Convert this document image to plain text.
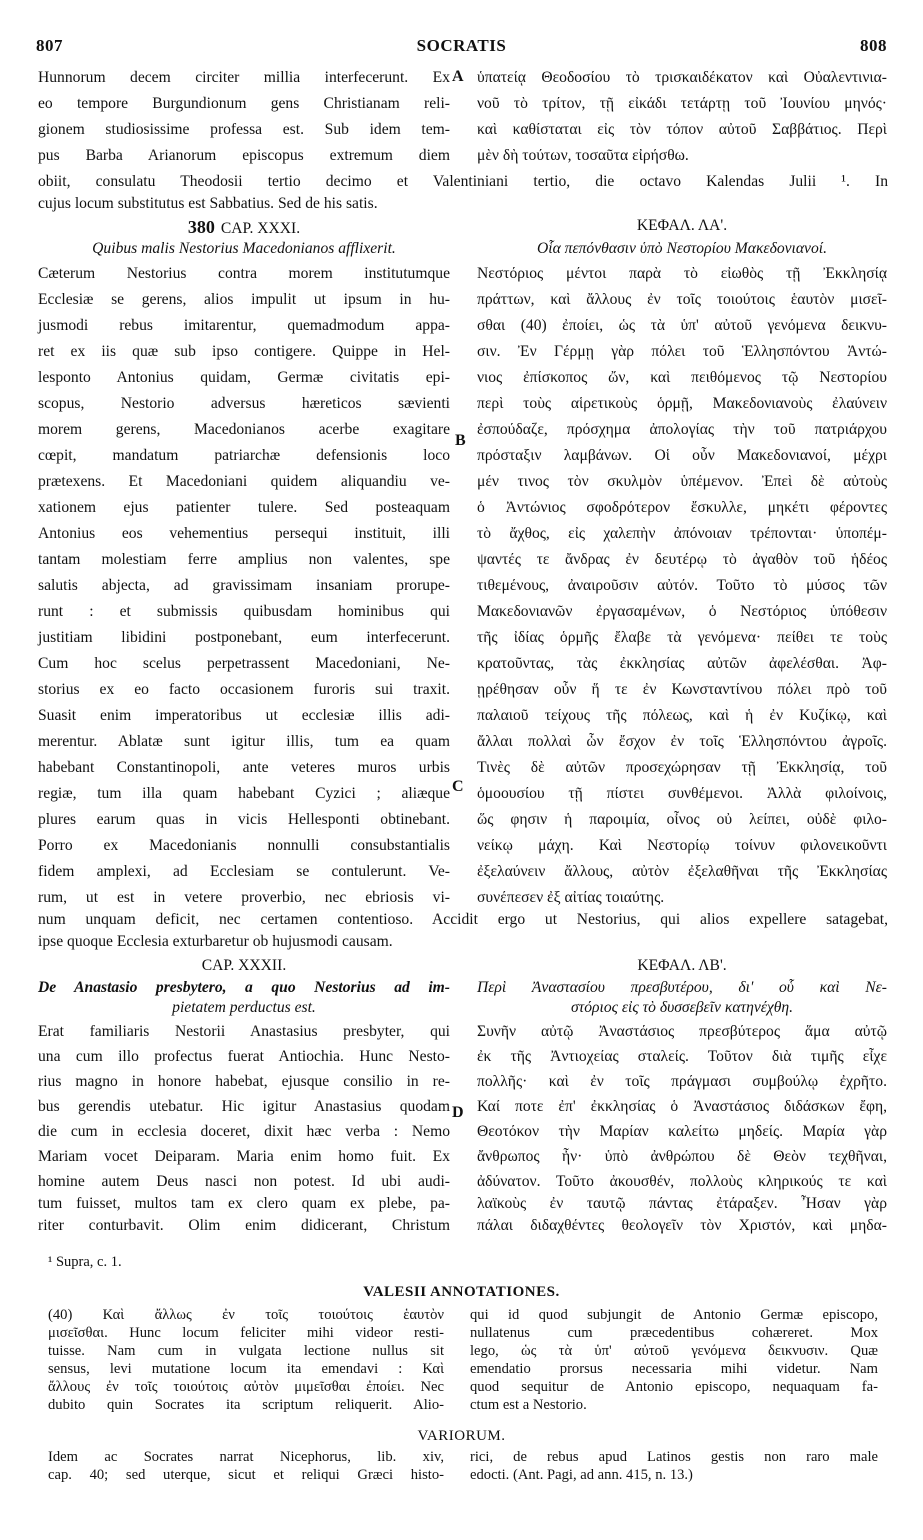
SOCRATIS
807	808
A
B
C
D
Hunnorum decem circiter millia interfecerunt. Ex
eo tempore Burgundionum gens Christianam reli-
gionem studiosissime professa est. Sub idem tem-
pus Barba Arianorum episcopus extremum diem
ὑπατείᾳ Θεοδοσίου τὸ τρισκαιδέκατον καὶ Οὐαλεντινια-
νοῦ τὸ τρίτον, τῇ εἰκάδι τετάρτῃ τοῦ Ἰουνίου μηνός·
καὶ καθίσταται εἰς τὸν τόπον αὐτοῦ Σαββάτιος. Περὶ
μὲν δὴ τούτων, τοσαῦτα εἰρήσθω.
obiit, consulatu Theodosii tertio decimo et Valentiniani tertio, die octavo Kalendas Julii ¹. In
cujus locum substitutus est Sabbatius. Sed de his satis.
380 CAP. XXXI.
Quibus malis Nestorius Macedonianos afflixerit.
ΚΕΦΑΛ. ΛΑ'.
Οἷα πεπόνθασιν ὑπὸ Νεστορίου Μακεδονιανοί.
Cæterum Nestorius contra morem institutumque
Ecclesiæ se gerens, alios impulit ut ipsum in hu-
jusmodi rebus imitarentur, quemadmodum appa-
ret ex iis quæ sub ipso contigere. Quippe in Hel-
lesponto Antonius quidam, Germæ civitatis epi-
scopus, Nestorio adversus hæreticos sævienti
morem gerens, Macedonianos acerbe exagitare
cœpit, mandatum patriarchæ defensionis loco
prætexens. Et Macedoniani quidem aliquandiu ve-
xationem ejus patienter tulere. Sed posteaquam
Antonius eos vehementius persequi instituit, illi
tantam molestiam ferre amplius non valentes, spe
salutis abjecta, ad gravissimam insaniam prorupe-
runt : et submissis quibusdam hominibus qui
justitiam libidini postponebant, eum interfecerunt.
Cum hoc scelus perpetrassent Macedoniani, Ne-
storius ex eo facto occasionem furoris sui traxit.
Suasit enim imperatoribus ut ecclesiæ illis adi-
merentur. Ablatæ sunt igitur illis, tum ea quam
habebant Constantinopoli, ante veteres muros urbis
regiæ, tum illa quam habebant Cyzici ; aliæque
plures earum quas in vicis Hellesponti obtinebant.
Porro ex Macedonianis nonnulli consubstantialis
fidem amplexi, ad Ecclesiam se contulerunt. Ve-
rum, ut est in vetere proverbio, nec ebriosis vi-
Νεστόριος μέντοι παρὰ τὸ εἰωθὸς τῇ Ἐκκλησίᾳ
πράττων, καὶ ἄλλους ἐν τοῖς τοιούτοις ἑαυτὸν μισεῖ-
σθαι (40) ἐποίει, ὡς τὰ ὑπ' αὐτοῦ γενόμενα δεικνυ-
σιν. Ἐν Γέρμῃ γὰρ πόλει τοῦ Ἑλλησπόντου Ἀντώ-
νιος ἐπίσκοπος ὤν, καὶ πειθόμενος τῷ Νεστορίου
περὶ τοὺς αἱρετικοὺς ὁρμῇ, Μακεδονιανοὺς ἐλαύνειν
ἐσπούδαζε, πρόσχημα ἀπολογίας τὴν τοῦ πατριάρχου
πρόσταξιν λαμβάνων. Οἱ οὖν Μακεδονιανοί, μέχρι
μέν τινος τὸν σκυλμὸν ὑπέμενον. Ἐπεὶ δὲ αὐτοὺς
ὁ Ἀντώνιος σφοδρότερον ἔσκυλλε, μηκέτι φέροντες
τὸ ἄχθος, εἰς χαλεπὴν ἀπόνοιαν τρέπονται· ὑποπέμ-
ψαντές τε ἄνδρας ἐν δευτέρῳ τὸ ἀγαθὸν τοῦ ἡδέος
τιθεμένους, ἀναιροῦσιν αὐτόν. Τοῦτο τὸ μύσος τῶν
Μακεδονιανῶν ἐργασαμένων, ὁ Νεστόριος ὑπόθεσιν
τῆς ἰδίας ὁρμῆς ἔλαβε τὰ γενόμενα· πείθει τε τοὺς
κρατοῦντας, τὰς ἐκκλησίας αὐτῶν ἀφελέσθαι. Ἀφ-
ῃρέθησαν οὖν ἥ τε ἐν Κωνσταντίνου πόλει πρὸ τοῦ
παλαιοῦ τείχους τῆς πόλεως, καὶ ἡ ἐν Κυζίκῳ, καὶ
ἄλλαι πολλαὶ ὧν ἔσχον ἐν τοῖς Ἑλλησπόντου ἀγροῖς.
Τινὲς δὲ αὐτῶν προσεχώρησαν τῇ Ἐκκλησίᾳ, τοῦ
ὁμοουσίου τῇ πίστει συνθέμενοι. Ἀλλὰ φιλοίνοις,
ὥς φησιν ἡ παροιμία, οἶνος οὐ λείπει, οὐδὲ φιλο-
νείκῳ μάχη. Καὶ Νεστορίῳ τοίνυν φιλονεικοῦντι
ἐξελαύνειν ἄλλους, αὐτὸν ἐξελαθῆναι τῆς Ἐκκλησίας
συνέπεσεν ἐξ αἰτίας τοιαύτης.
num unquam deficit, nec certamen contentioso. Accidit ergo ut Nestorius, qui alios expellere satagebat,
ipse quoque Ecclesia exturbaretur ob hujusmodi causam.
CAP. XXXII.
De Anastasio presbytero, a quo Nestorius ad im-
pietatem perductus est.
ΚΕΦΑΛ. ΛΒ'.
Περὶ Ἀναστασίου πρεσβυτέρου, δι' οὗ καὶ Νε-
στόριος εἰς τὸ δυσσεβεῖν κατηνέχθη.
Erat familiaris Nestorii Anastasius presbyter, qui
una cum illo profectus fuerat Antiochia. Hunc Nesto-
rius magno in honore habebat, ejusque consilio in re-
bus gerendis utebatur. Hic igitur Anastasius quodam
die cum in ecclesia doceret, dixit hæc verba : Nemo
Mariam vocet Deiparam. Maria enim homo fuit. Ex
homine autem Deus nasci non potest. Id ubi audi-
tum fuisset, multos tam ex clero quam ex plebe, pa-
riter conturbavit. Olim enim didicerant, Christum
Συνῆν αὐτῷ Ἀναστάσιος πρεσβύτερος ἅμα αὐτῷ
ἐκ τῆς Ἀντιοχείας σταλείς. Τοῦτον διὰ τιμῆς εἶχε
πολλῆς· καὶ ἐν τοῖς πράγμασι συμβούλῳ ἐχρῆτο.
Καί ποτε ἐπ' ἐκκλησίας ὁ Ἀναστάσιος διδάσκων ἔφη,
Θεοτόκον τὴν Μαρίαν καλείτω μηδείς. Μαρία γὰρ
ἄνθρωπος ἦν· ὑπὸ ἀνθρώπου δὲ Θεὸν τεχθῆναι,
ἀδύνατον. Τοῦτο ἀκουσθέν, πολλοὺς κληρικούς τε καὶ
λαϊκοὺς ἐν ταυτῷ πάντας ἐτάραξεν. Ἦσαν γὰρ
πάλαι διδαχθέντες θεολογεῖν τὸν Χριστόν, καὶ μηδα-
¹ Supra, c. 1.
VALESII ANNOTATIONES.
(40) Καὶ ἄλλως ἐν τοῖς τοιούτοις ἑαυτὸν
μισεῖσθαι. Hunc locum feliciter mihi videor resti-
tuisse. Nam cum in vulgata lectione nullus sit
sensus, levi mutatione locum ita emendavi : Καὶ
ἄλλους ἐν τοῖς τοιούτοις αὐτὸν μιμεῖσθαι ἐποίει. Nec
dubito quin Socrates ita scriptum reliquerit. Alio-
qui id quod subjungit de Antonio Germæ episcopo,
nullatenus cum præcedentibus cohæreret. Mox
lego, ὡς τὰ ὑπ' αὐτοῦ γενόμενα δεικνυσιν. Quæ
emendatio prorsus necessaria mihi videtur. Nam
quod sequitur de Antonio episcopo, nequaquam fa-
ctum est a Nestorio.
VARIORUM.
Idem ac Socrates narrat Nicephorus, lib. xiv,
cap. 40; sed uterque, sicut et reliqui Græci histo-
rici, de rebus apud Latinos gestis non raro male
edocti. (Ant. Pagi, ad ann. 415, n. 13.)
